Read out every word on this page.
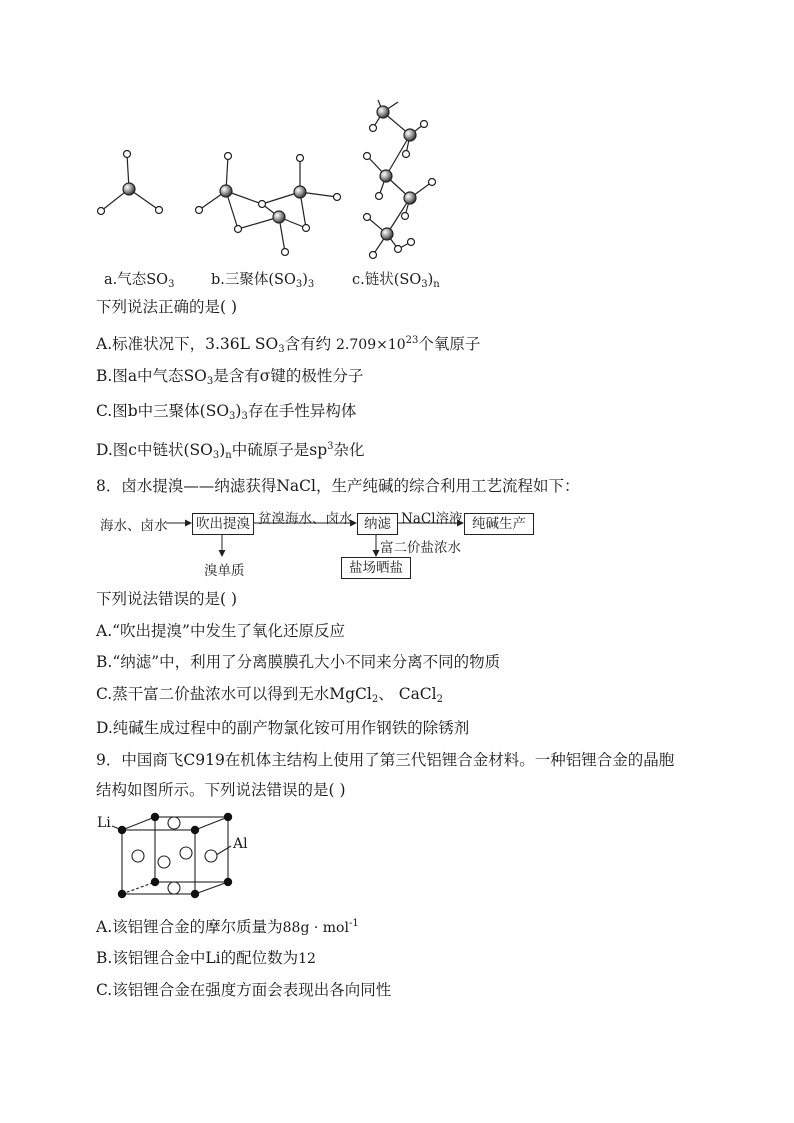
a.气态$SO_3$	b.三聚体$(SO_3)_3$	c.链状$(SO_3)_n$
下列说法正确的是( )
A.标准状况下，3.36L $SO_3$含有约 $2.709\times 10^{23}$个氧原子
B.图a中气态$SO_3$是含有σ键的极性分子
C.图b中三聚体$(SO_3)_3$存在手性异构体
D.图c中链状$(SO_3)_n$中硫原子是$sp^3$杂化
8．卤水提溴——纳滤获得NaCl，生产纯碱的综合利用工艺流程如下：
海水、卤水 吹出提溴 贫溴海水、卤水 纳滤 NaCl溶液 纯碱生产
溴单质
富二价盐浓水
盐场晒盐
下列说法错误的是( )
A.“吹出提溴”中发生了氧化还原反应
B.“纳滤”中，利用了分离膜膜孔大小不同来分离不同的物质
C.蒸干富二价盐浓水可以得到无水MgCl$_2$、 CaCl$_2$
D.纯碱生成过程中的副产物氯化铵可用作钢铁的除锈剂
9．中国商飞C919在机体主结构上使用了第三代铝锂合金材料。一种铝锂合金的晶胞
结构如图所示。下列说法错误的是( )
Li
Al
A.该铝锂合金的摩尔质量为88g · mol$^{-1}$
B.该铝锂合金中Li的配位数为12
C.该铝锂合金在强度方面会表现出各向同性
